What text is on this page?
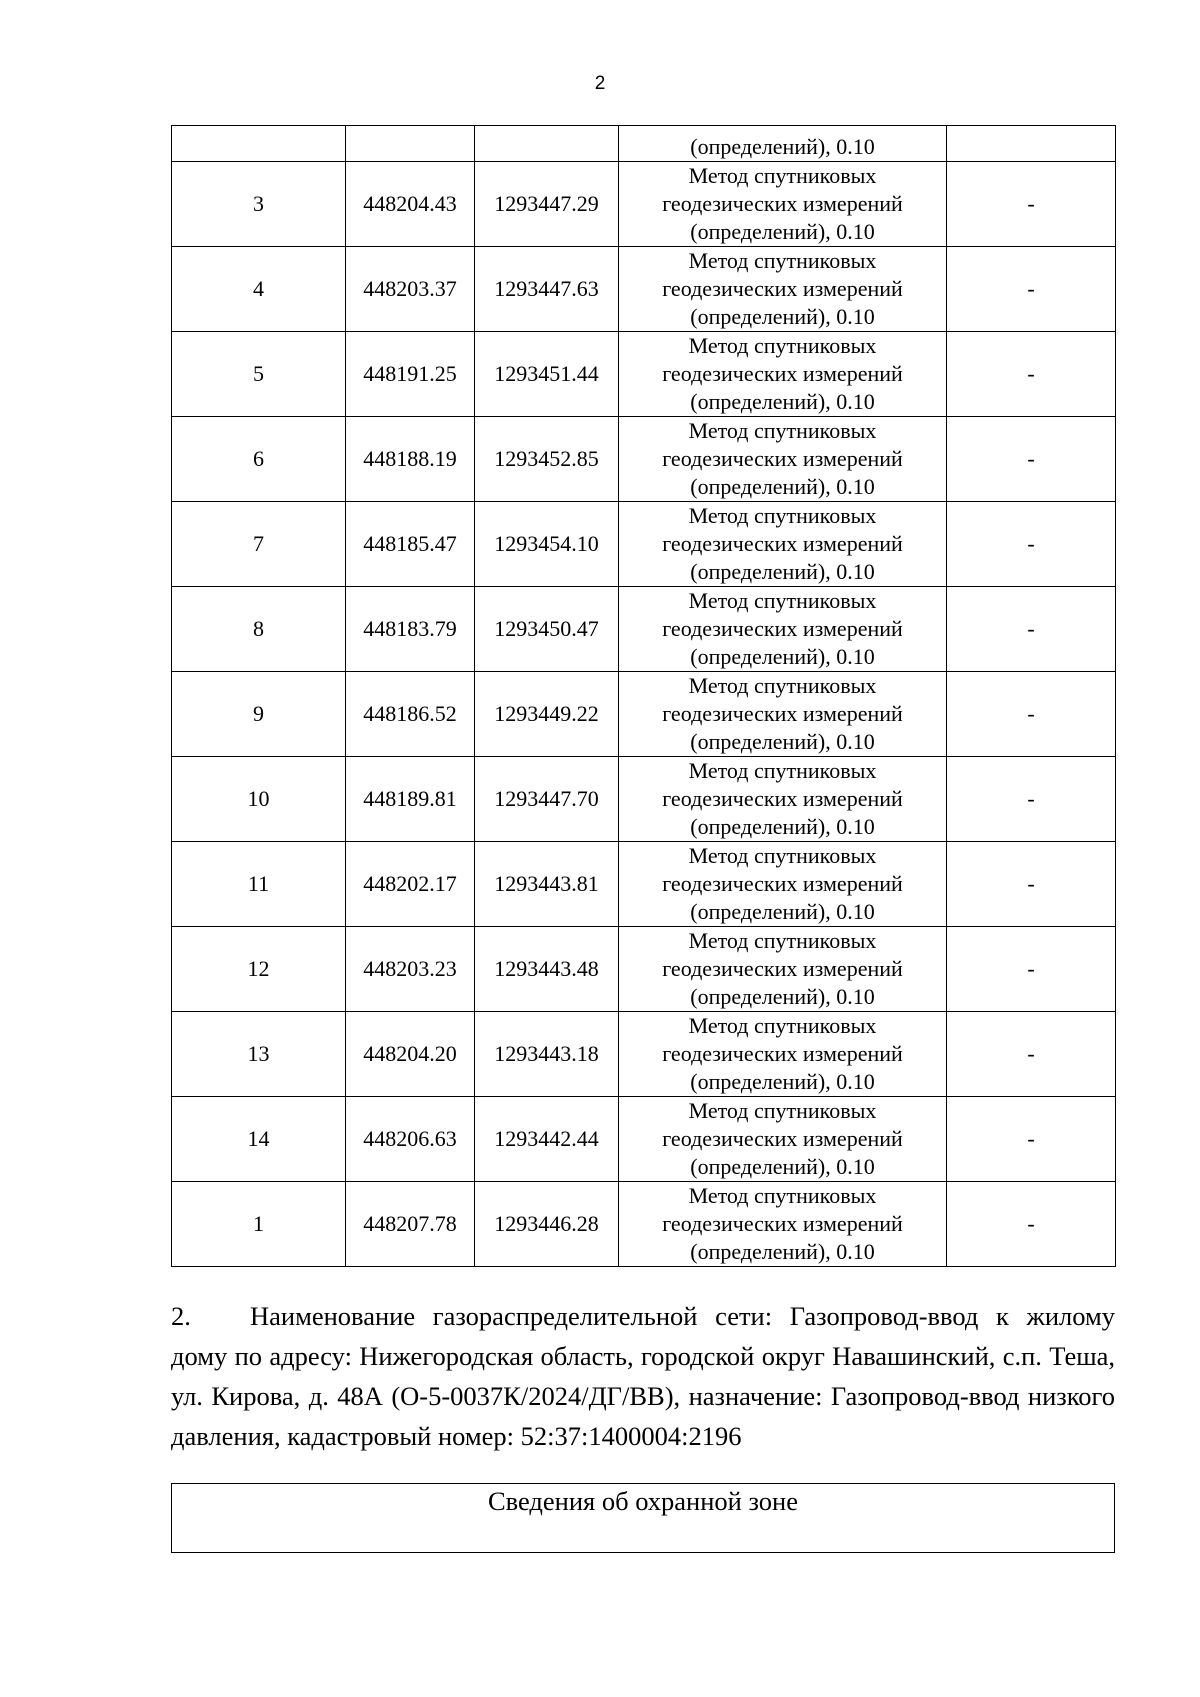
2
			(определений), 0.10	
3	448204.43	1293447.29	Метод спутниковых
геодезических измерений
(определений), 0.10	-
4	448203.37	1293447.63	Метод спутниковых
геодезических измерений
(определений), 0.10	-
5	448191.25	1293451.44	Метод спутниковых
геодезических измерений
(определений), 0.10	-
6	448188.19	1293452.85	Метод спутниковых
геодезических измерений
(определений), 0.10	-
7	448185.47	1293454.10	Метод спутниковых
геодезических измерений
(определений), 0.10	-
8	448183.79	1293450.47	Метод спутниковых
геодезических измерений
(определений), 0.10	-
9	448186.52	1293449.22	Метод спутниковых
геодезических измерений
(определений), 0.10	-
10	448189.81	1293447.70	Метод спутниковых
геодезических измерений
(определений), 0.10	-
11	448202.17	1293443.81	Метод спутниковых
геодезических измерений
(определений), 0.10	-
12	448203.23	1293443.48	Метод спутниковых
геодезических измерений
(определений), 0.10	-
13	448204.20	1293443.18	Метод спутниковых
геодезических измерений
(определений), 0.10	-
14	448206.63	1293442.44	Метод спутниковых
геодезических измерений
(определений), 0.10	-
1	448207.78	1293446.28	Метод спутниковых
геодезических измерений
(определений), 0.10	-

2. Наименование газораспределительной сети: Газопровод-ввод к жилому дому по адресу: Нижегородская область, городской округ Навашинский, с.п. Теша, ул. Кирова, д. 48А (О-5-0037К/2024/ДГ/ВВ), назначение: Газопровод-ввод низкого давления, кадастровый номер: 52:37:1400004:2196

Сведения об охранной зоне
